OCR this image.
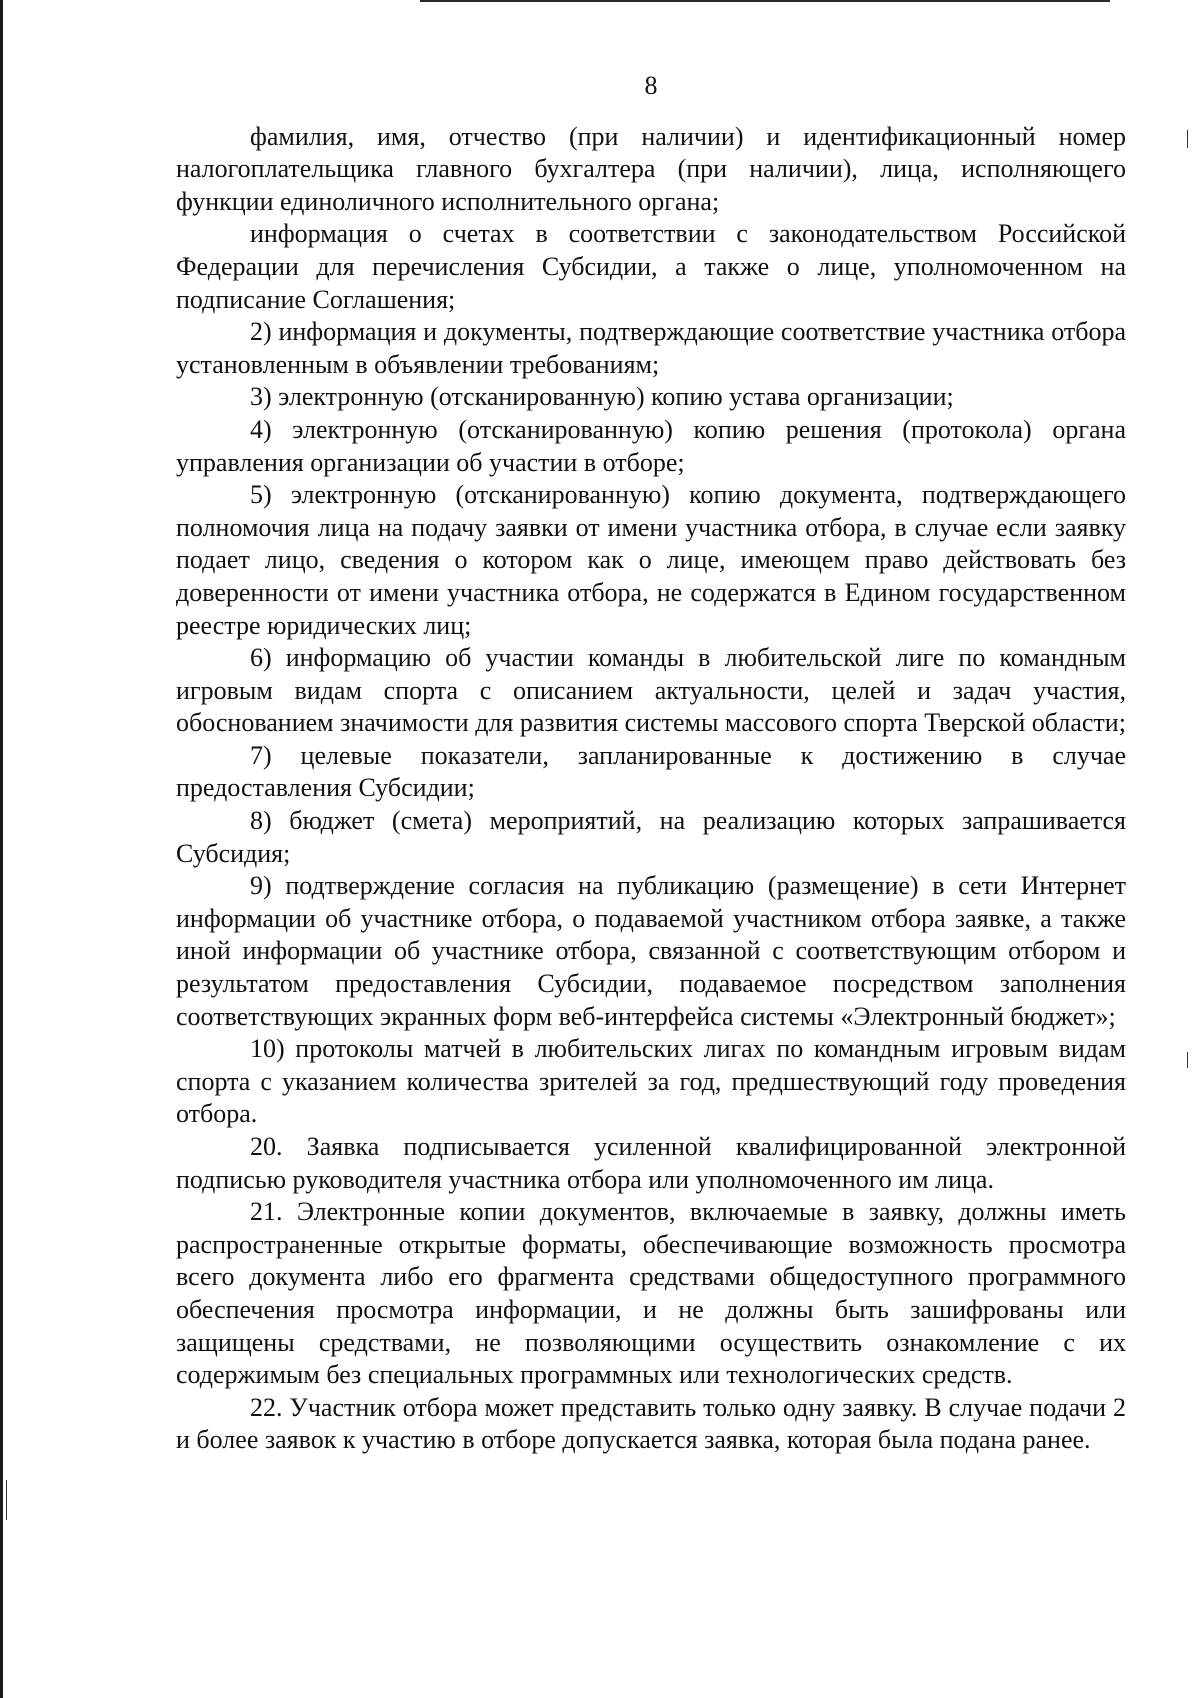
8

фамилия, имя, отчество (при наличии) и идентификационный номер налогоплательщика главного бухгалтера (при наличии), лица, исполняющего функции единоличного исполнительного органа;

информация о счетах в соответствии с законодательством Российской Федерации для перечисления Субсидии, а также о лице, уполномоченном на подписание Соглашения;

2) информация и документы, подтверждающие соответствие участника отбора установленным в объявлении требованиям;

3) электронную (отсканированную) копию устава организации;

4) электронную (отсканированную) копию решения (протокола) органа управления организации об участии в отборе;

5) электронную (отсканированную) копию документа, подтверждающего полномочия лица на подачу заявки от имени участника отбора, в случае если заявку подает лицо, сведения о котором как о лице, имеющем право действовать без доверенности от имени участника отбора, не содержатся в Едином государственном реестре юридических лиц;

6) информацию об участии команды в любительской лиге по командным игровым видам спорта с описанием актуальности, целей и задач участия, обоснованием значимости для развития системы массового спорта Тверской области;

7) целевые показатели, запланированные к достижению в случае предоставления Субсидии;

8) бюджет (смета) мероприятий, на реализацию которых запрашивается Субсидия;

9) подтверждение согласия на публикацию (размещение) в сети Интернет информации об участнике отбора, о подаваемой участником отбора заявке, а также иной информации об участнике отбора, связанной с соответствующим отбором и результатом предоставления Субсидии, подаваемое посредством заполнения соответствующих экранных форм веб-интерфейса системы «Электронный бюджет»;

10) протоколы матчей в любительских лигах по командным игровым видам спорта с указанием количества зрителей за год, предшествующий году проведения отбора.

20. Заявка подписывается усиленной квалифицированной электронной подписью руководителя участника отбора или уполномоченного им лица.

21. Электронные копии документов, включаемые в заявку, должны иметь распространенные открытые форматы, обеспечивающие возможность просмотра всего документа либо его фрагмента средствами общедоступного программного обеспечения просмотра информации, и не должны быть зашифрованы или защищены средствами, не позволяющими осуществить ознакомление с их содержимым без специальных программных или технологических средств.

22. Участник отбора может представить только одну заявку. В случае подачи 2 и более заявок к участию в отборе допускается заявка, которая была подана ранее.
